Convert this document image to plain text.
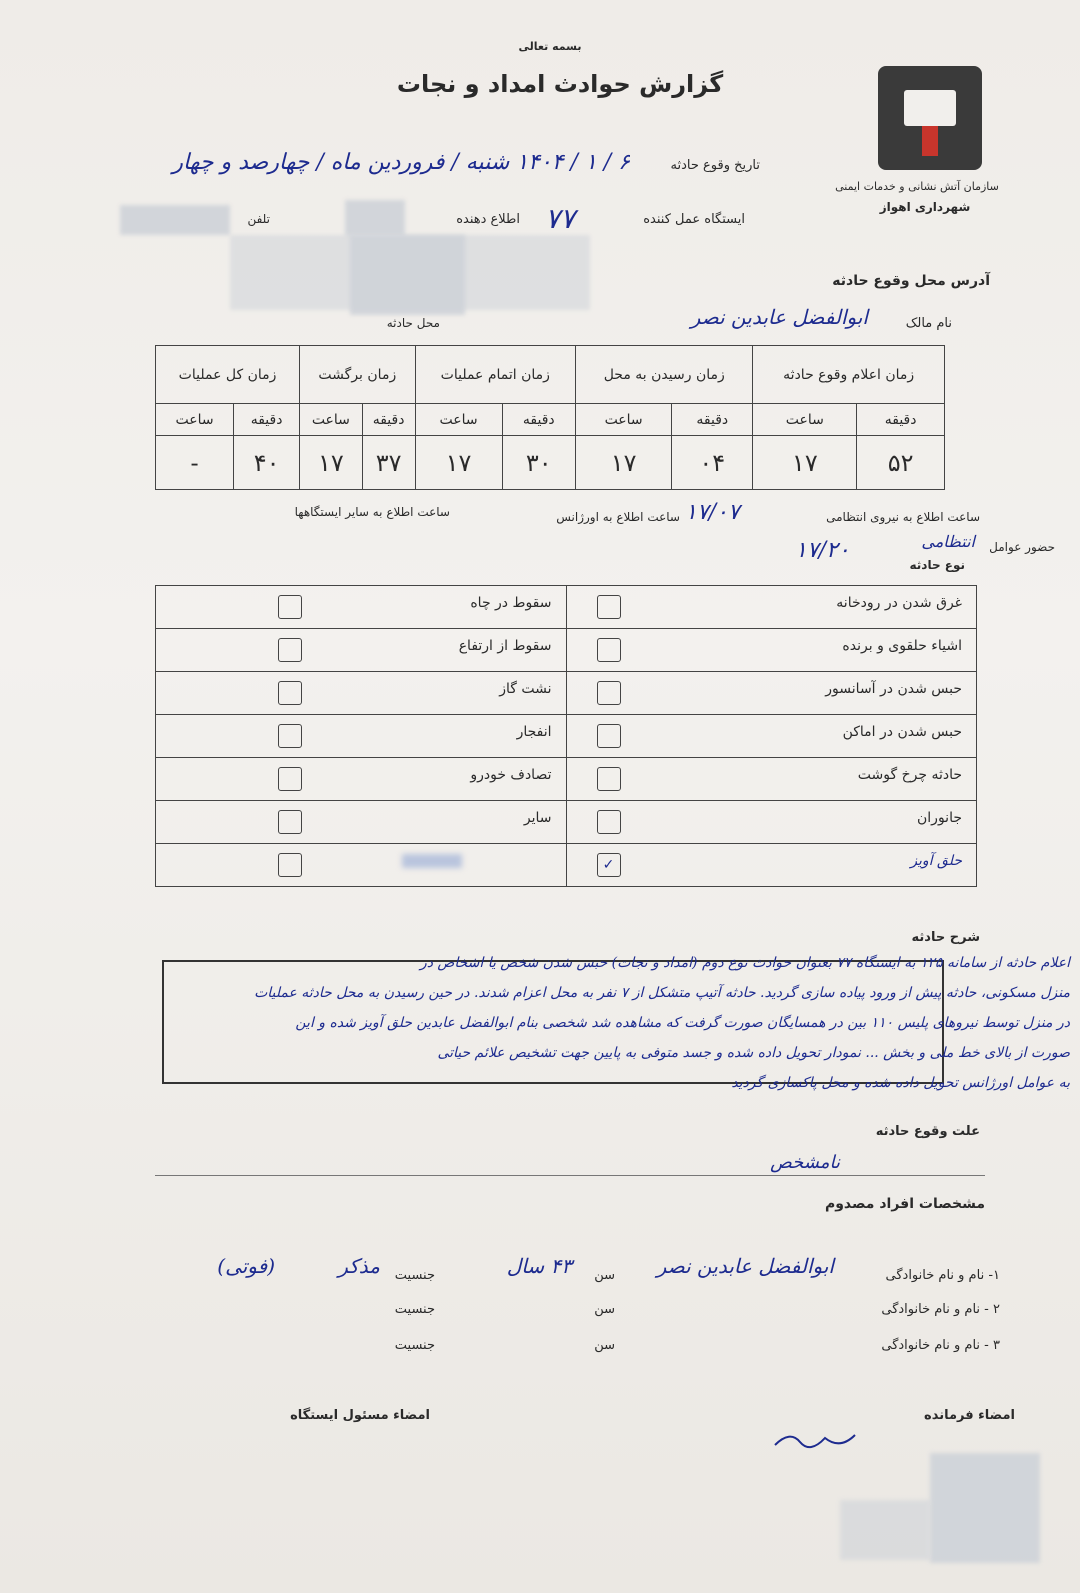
سازمان آتش نشانی و خدمات ایمنی
شهرداری اهواز
بسمه تعالی
گزارش حوادث امداد و نجات
تاریخ وقوع حادثه
۶ / ۱ / ۱۴۰۴ شنبه / فروردین ماه / چهارصد و چهار
ایستگاه عمل کننده
۷۷
اطلاع دهنده
تلفن
آدرس محل وقوع حادثه
نام مالک
ابوالفضل عابدین نصر
محل حادثه
زمان اعلام وقوع حادثه		زمان رسیدن به محل		زمان اتمام عملیات		زمان برگشت		زمان کل عملیات	
دقیقه	ساعت	دقیقه	ساعت	دقیقه	ساعت	دقیقه	ساعت	دقیقه	ساعت
۵۲	۱۷	۰۴	۱۷	۳۰	۱۷	۳۷	۱۷	۴۰	-
ساعت اطلاع به نیروی انتظامی
۱۷/۰۷
ساعت اطلاع به اورژانس
ساعت اطلاع به سایر ایستگاهها
حضور عوامل
انتظامی
۱۷/۲۰
نوع حادثه
غرق شدن در رودخانه	سقوط در چاه

اشیاء حلقوی و برنده	سقوط از ارتفاع

حبس شدن در آسانسور	نشت گاز

حبس شدن در اماکن	انفجار

حادثه چرخ گوشت	تصادف خودرو

جانوران	سایر

حلق آویز
✓	

شرح حادثه
اعلام حادثه از سامانه ۱۲۵ به ایستگاه ۷۷ بعنوان حوادث نوع دوم (امداد و نجات) حبس شدن شخص یا اشخاص در
منزل مسکونی، حادثه پیش از ورود پیاده سازی گردید. حادثه آتیپ متشکل از ۷ نفر به محل اعزام شدند. در حین رسیدن به محل حادثه عملیات
در منزل توسط نیروهای پلیس ۱۱۰ بین در همسایگان صورت گرفت که مشاهده شد شخصی بنام ابوالفضل عابدین حلق آویز شده و این
صورت از بالای خط ملی و بخش ... نمودار تحویل داده شده و جسد متوفی به پایین جهت تشخیص علائم حیاتی
به عوامل اورژانس تحویل داده شده و محل پاکسازی گردید
علت وقوع حادثه
نامشخص
مشخصات افراد مصدوم
۱- نام و نام خانوادگی
ابوالفضل عابدین نصر
سن
۴۳ سال
جنسیت
مذکر
(فوتی)
۲ - نام و نام خانوادگی
سن
جنسیت
۳ - نام و نام خانوادگی
سن
جنسیت
امضاء فرمانده
امضاء مسئول ایستگاه
